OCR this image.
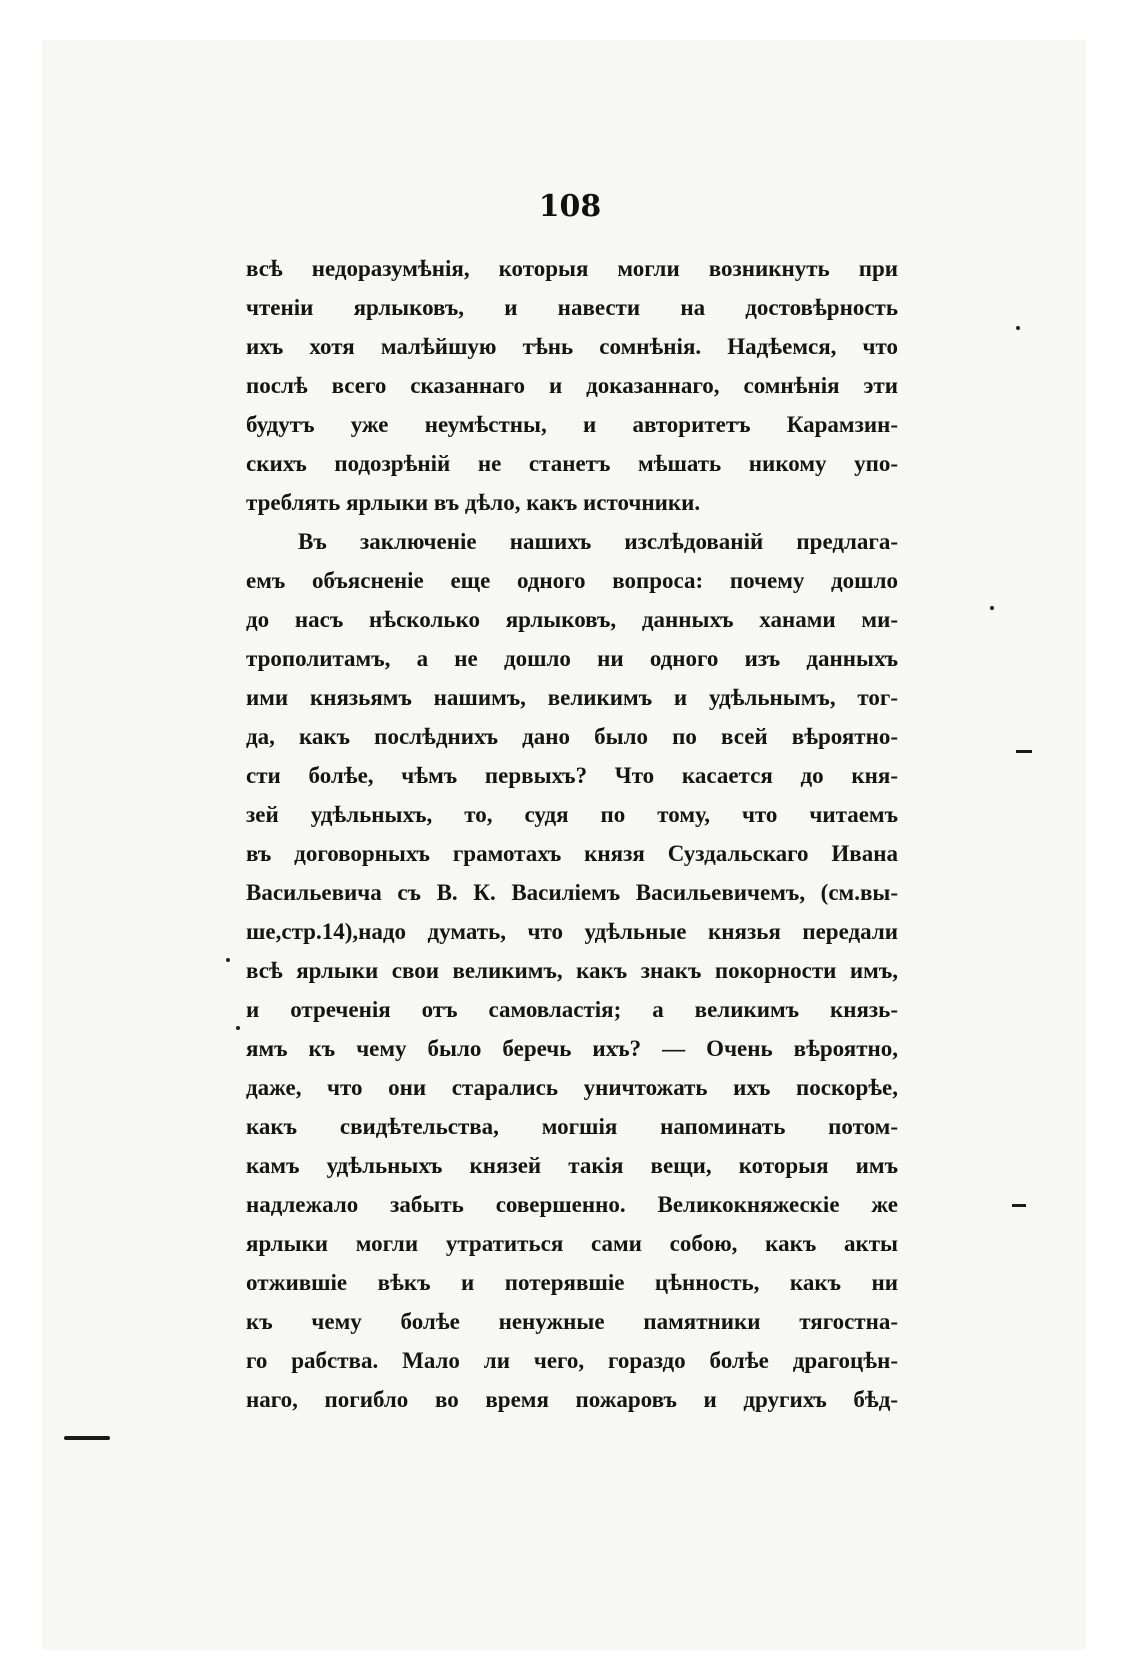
108
всѣ недоразумѣнія, которыя могли возникнуть при
чтеніи ярлыковъ, и навести на достовѣрность
ихъ хотя малѣйшую тѣнь сомнѣнія. Надѣемся, что
послѣ всего сказаннаго и доказаннаго, сомнѣнія эти
будутъ уже неумѣстны, и авторитетъ Карамзин-
скихъ подозрѣній не станетъ мѣшать никому упо-
треблять ярлыки въ дѣло, какъ источники.
Въ заключеніе нашихъ изслѣдованій предлага-
емъ объясненіе еще одного вопроса: почему дошло
до насъ нѣсколько ярлыковъ, данныхъ ханами ми-
трополитамъ, а не дошло ни одного изъ данныхъ
ими князьямъ нашимъ, великимъ и удѣльнымъ, тог-
да, какъ послѣднихъ дано было по всей вѣроятно-
сти болѣе, чѣмъ первыхъ? Что касается до кня-
зей удѣльныхъ, то, судя по тому, что читаемъ
въ договорныхъ грамотахъ князя Суздальскаго Ивана
Васильевича съ В. К. Василіемъ Васильевичемъ, (см.вы-
ше,стр.14),надо думать, что удѣльные князья передали
всѣ ярлыки свои великимъ, какъ знакъ покорности имъ,
и отреченія отъ самовластія; а великимъ князь-
ямъ къ чему было беречь ихъ? — Очень вѣроятно,
даже, что они старались уничтожать ихъ поскорѣе,
какъ свидѣтельства, могшія напоминать потом-
камъ удѣльныхъ князей такія вещи, которыя имъ
надлежало забыть совершенно. Великокняжескіе же
ярлыки могли утратиться сами собою, какъ акты
отжившіе вѣкъ и потерявшіе цѣнность, какъ ни
къ чему болѣе ненужные памятники тягостна-
го рабства. Мало ли чего, гораздо болѣе драгоцѣн-
наго, погибло во время пожаровъ и другихъ бѣд-
